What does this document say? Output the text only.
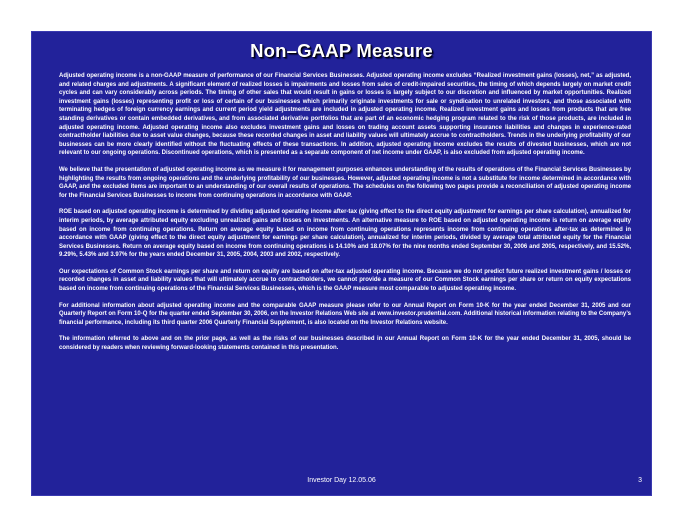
Non–GAAP Measure

Adjusted operating income is a non-GAAP measure of performance of our Financial Services Businesses. Adjusted operating income excludes “Realized investment gains (losses), net,” as adjusted, and related charges and adjustments. A significant element of realized losses is impairments and losses from sales of credit-impaired securities, the timing of which depends largely on market credit cycles and can vary considerably across periods. The timing of other sales that would result in gains or losses is largely subject to our discretion and influenced by market opportunities. Realized investment gains (losses) representing profit or loss of certain of our businesses which primarily originate investments for sale or syndication to unrelated investors, and those associated with terminating hedges of foreign currency earnings and current period yield adjustments are included in adjusted operating income. Realized investment gains and losses from products that are free standing derivatives or contain embedded derivatives, and from associated derivative portfolios that are part of an economic hedging program related to the risk of those products, are included in adjusted operating income. Adjusted operating income also excludes investment gains and losses on trading account assets supporting insurance liabilities and changes in experience-rated contractholder liabilities due to asset value changes, because these recorded changes in asset and liability values will ultimately accrue to contractholders. Trends in the underlying profitability of our businesses can be more clearly identified without the fluctuating effects of these transactions. In addition, adjusted operating income excludes the results of divested businesses, which are not relevant to our ongoing operations. Discontinued operations, which is presented as a separate component of net income under GAAP, is also excluded from adjusted operating income.

We believe that the presentation of adjusted operating income as we measure it for management purposes enhances understanding of the results of operations of the Financial Services Businesses by highlighting the results from ongoing operations and the underlying profitability of our businesses. However, adjusted operating income is not a substitute for income determined in accordance with GAAP, and the excluded items are important to an understanding of our overall results of operations. The schedules on the following two pages provide a reconciliation of adjusted operating income for the Financial Services Businesses to income from continuing operations in accordance with GAAP.

ROE based on adjusted operating income is determined by dividing adjusted operating income after-tax (giving effect to the direct equity adjustment for earnings per share calculation), annualized for interim periods, by average attributed equity excluding unrealized gains and losses on investments. An alternative measure to ROE based on adjusted operating income is return on average equity based on income from continuing operations. Return on average equity based on income from continuing operations represents income from continuing operations after-tax as determined in accordance with GAAP (giving effect to the direct equity adjustment for earnings per share calculation), annualized for interim periods, divided by average total attributed equity for the Financial Services Businesses. Return on average equity based on income from continuing operations is 14.10% and 18.07% for the nine months ended September 30, 2006 and 2005, respectively, and 15.52%, 9.29%, 5.43% and 3.97% for the years ended December 31, 2005, 2004, 2003 and 2002, respectively.

Our expectations of Common Stock earnings per share and return on equity are based on after-tax adjusted operating income. Because we do not predict future realized investment gains / losses or recorded changes in asset and liability values that will ultimately accrue to contractholders, we cannot provide a measure of our Common Stock earnings per share or return on equity expectations based on income from continuing operations of the Financial Services Businesses, which is the GAAP measure most comparable to adjusted operating income.

For additional information about adjusted operating income and the comparable GAAP measure please refer to our Annual Report on Form 10-K for the year ended December 31, 2005 and our Quarterly Report on Form 10-Q for the quarter ended September 30, 2006, on the Investor Relations Web site at www.investor.prudential.com. Additional historical information relating to the Company’s financial performance, including its third quarter 2006 Quarterly Financial Supplement, is also located on the Investor Relations website.

The information referred to above and on the prior page, as well as the risks of our businesses described in our Annual Report on Form 10-K for the year ended December 31, 2005, should be considered by readers when reviewing forward-looking statements contained in this presentation.

Investor Day 12.05.06	3
